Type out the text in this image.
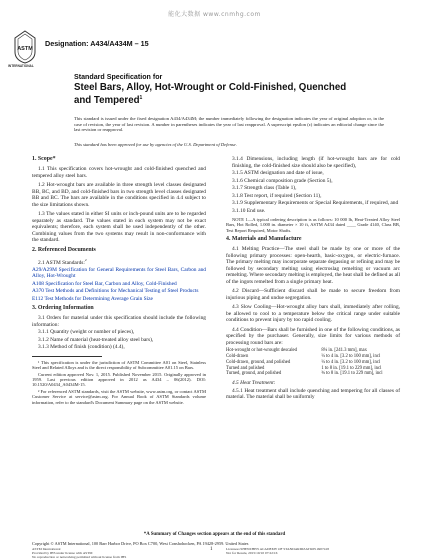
能化大数据 www.cnmhg.com
ASTM
INTERNATIONAL
Designation: A434/A434M – 15
Standard Specification for
Steel Bars, Alloy, Hot-Wrought or Cold-Finished, Quenched
and Tempered$^1$
This standard is issued under the fixed designation A434/A434M; the number immediately following the designation indicates the year of original adoption or, in the case of revision, the year of last revision. A number in parentheses indicates the year of last reapproval. A superscript epsilon (ε) indicates an editorial change since the last revision or reapproval.
This standard has been approved for use by agencies of the U.S. Department of Defense.
1. Scope*

1.1 This specification covers hot-wrought and cold-finished quenched and tempered alloy steel bars.

1.2 Hot-wrought bars are available in three strength level classes designated BB, BC, and BD, and cold-finished bars in two strength level classes designated BB and BC. The bars are available in the conditions specified in 4.4 subject to the size limitations shown.

1.3 The values stated in either SI units or inch-pound units are to be regarded separately as standard. The values stated in each system may not be exact equivalents; therefore, each system shall be used independently of the other. Combining values from the two systems may result in non-conformance with the standard.

2. Referenced Documents

2.1 ASTM Standards:$^2$

A29/A29M Specification for General Requirements for Steel Bars, Carbon and Alloy, Hot-Wrought
A108 Specification for Steel Bar, Carbon and Alloy, Cold-Finished
A370 Test Methods and Definitions for Mechanical Testing of Steel Products
E112 Test Methods for Determining Average Grain Size
3. Ordering Information

3.1 Orders for material under this specification should include the following information:

3.1.1 Quantity (weight or number of pieces),
3.1.2 Name of material (heat-treated alloy steel bars),
3.1.3 Method of finish (condition) (4.4),

¹ This specification is under the jurisdiction of ASTM Committee A01 on Steel, Stainless Steel and Related Alloys and is the direct responsibility of Subcommittee A01.15 on Bars.

Current edition approved Nov. 1, 2015. Published November 2015. Originally approved in 1959. Last previous edition approved in 2012 as A434 – 06(2012). DOI: 10.1520/A0434_A0434M-15.

² For referenced ASTM standards, visit the ASTM website, www.astm.org, or contact ASTM Customer Service at service@astm.org. For Annual Book of ASTM Standards volume information, refer to the standard's Document Summary page on the ASTM website.

3.1.4 Dimensions, including length (if hot-wrought bars are for cold finishing, the cold-finished size should also be specified),
3.1.5 ASTM designation and date of issue,
3.1.6 Chemical composition grade (Section 5),
3.1.7 Strength class (Table 1),
3.1.8 Test report, if required (Section 11),
3.1.9 Supplementary Requirements or Special Requirements, if required, and
3.1.10 End use.

NOTE 1—A typical ordering description is as follows: 10 000 lb, Heat-Treated Alloy Steel Bars, Hot Rolled, 1.000 in. diameter × 10 ft, ASTM A434 dated ____ Grade 4140, Class BB, Test Report Required, Motor Shafts.

4. Materials and Manufacture

4.1 Melting Practice—The steel shall be made by one or more of the following primary processes: open-hearth, basic-oxygen, or electric-furnace. The primary melting may incorporate separate degassing or refining and may be followed by secondary melting using electroslag remelting or vacuum arc remelting. Where secondary melting is employed, the heat shall be defined as all of the ingots remelted from a single primary heat.

4.2 Discard—Sufficient discard shall be made to secure freedom from injurious piping and undue segregation.

4.3 Slow Cooling—Hot-wrought alloy bars shall, immediately after rolling, be allowed to cool to a temperature below the critical range under suitable conditions to prevent injury by too rapid cooling.

4.4 Condition—Bars shall be furnished in one of the following conditions, as specified by the purchaser. Generally, size limits for various methods of processing round bars are:

Hot-wrought or hot-wrought descaled	8¼ in. [241.3 mm], max
Cold-drawn	¼ to 4 in. [3.2 to 100 mm], incl
Cold-drawn, ground, and polished	¼ to 4 in. [3.2 to 100 mm], incl
Turned and polished	1 to 8 in. [19.1 to 229 mm], incl
Turned, ground, and polished	¾ to 8 in. [19.1 to 229 mm], incl

4.5 Heat Treatment:

4.5.1 Heat treatment shall include quenching and tempering for all classes of material. The material shall be uniformly

*A Summary of Changes section appears at the end of this standard
Copyright © ASTM International, 100 Barr Harbor Drive, PO Box C700, West Conshohocken, PA 19428-2959. United States
ASTM International
Provided by IHS under license with ASTM
No reproduction or networking permitted without license from IHS
1	Licensee=SHENZHEN ACADEMY OF STANDARDIZATION 4907418
Not for Resale, 2015/10/10 07:22:16
